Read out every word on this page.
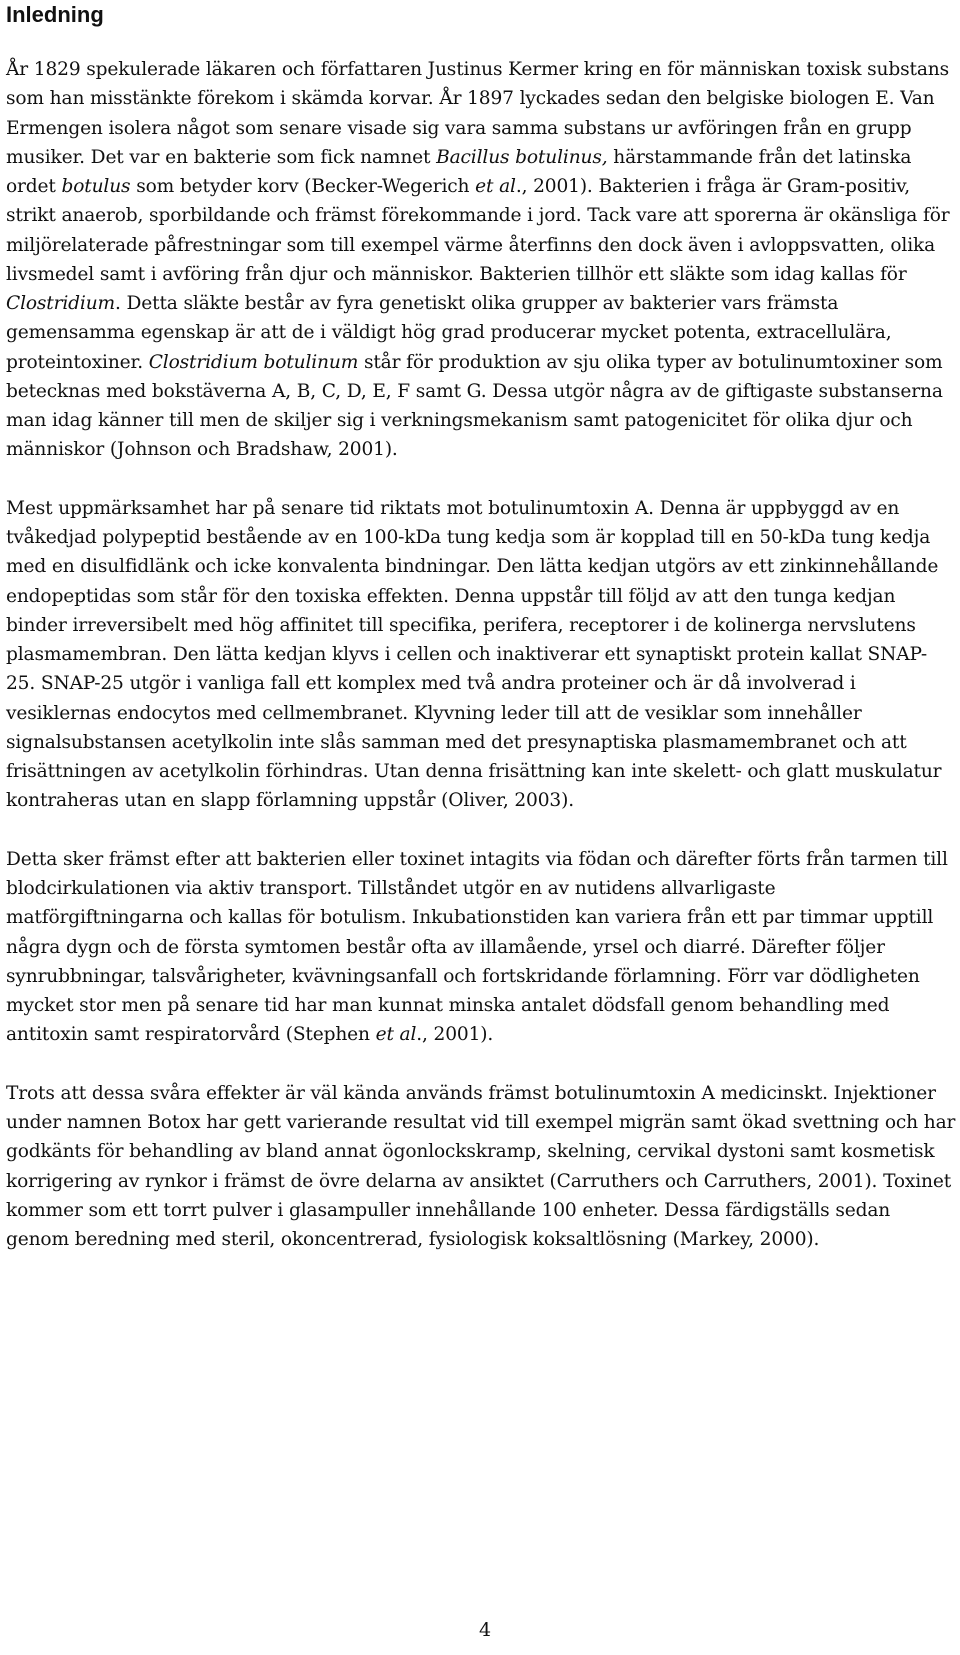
Inledning

År 1829 spekulerade läkaren och författaren Justinus Kermer kring en för människan toxisk substans som han misstänkte förekom i skämda korvar. År 1897 lyckades sedan den belgiske biologen E. Van Ermengen isolera något som senare visade sig vara samma substans ur avföringen från en grupp musiker. Det var en bakterie som fick namnet Bacillus botulinus, härstammande från det latinska ordet botulus som betyder korv (Becker-Wegerich et al., 2001). Bakterien i fråga är Gram-positiv, strikt anaerob, sporbildande och främst förekommande i jord. Tack vare att sporerna är okänsliga för miljörelaterade påfrestningar som till exempel värme återfinns den dock även i avloppsvatten, olika livsmedel samt i avföring från djur och människor. Bakterien tillhör ett släkte som idag kallas för Clostridium. Detta släkte består av fyra genetiskt olika grupper av bakterier vars främsta gemensamma egenskap är att de i väldigt hög grad producerar mycket potenta, extracellulära, proteintoxiner. Clostridium botulinum står för produktion av sju olika typer av botulinumtoxiner som betecknas med bokstäverna A, B, C, D, E, F samt G. Dessa utgör några av de giftigaste substanserna man idag känner till men de skiljer sig i verkningsmekanism samt patogenicitet för olika djur och människor (Johnson och Bradshaw, 2001).

Mest uppmärksamhet har på senare tid riktats mot botulinumtoxin A. Denna är uppbyggd av en tvåkedjad polypeptid bestående av en 100-kDa tung kedja som är kopplad till en 50-kDa tung kedja med en disulfidlänk och icke konvalenta bindningar. Den lätta kedjan utgörs av ett zinkinnehållande endopeptidas som står för den toxiska effekten. Denna uppstår till följd av att den tunga kedjan binder irreversibelt med hög affinitet till specifika, perifera, receptorer i de kolinerga nervslutens plasmamembran. Den lätta kedjan klyvs i cellen och inaktiverar ett synaptiskt protein kallat SNAP-25. SNAP-25 utgör i vanliga fall ett komplex med två andra proteiner och är då involverad i vesiklernas endocytos med cellmembranet. Klyvning leder till att de vesiklar som innehåller signalsubstansen acetylkolin inte slås samman med det presynaptiska plasmamembranet och att frisättningen av acetylkolin förhindras. Utan denna frisättning kan inte skelett- och glatt muskulatur kontraheras utan en slapp förlamning uppstår (Oliver, 2003).

Detta sker främst efter att bakterien eller toxinet intagits via födan och därefter förts från tarmen till blodcirkulationen via aktiv transport. Tillståndet utgör en av nutidens allvarligaste matförgiftningarna och kallas för botulism. Inkubationstiden kan variera från ett par timmar upptill några dygn och de första symtomen består ofta av illamående, yrsel och diarré. Därefter följer synrubbningar, talsvårigheter, kvävningsanfall och fortskridande förlamning. Förr var dödligheten mycket stor men på senare tid har man kunnat minska antalet dödsfall genom behandling med antitoxin samt respiratorvård (Stephen et al., 2001).

Trots att dessa svåra effekter är väl kända används främst botulinumtoxin A medicinskt. Injektioner under namnen Botox har gett varierande resultat vid till exempel migrän samt ökad svettning och har godkänts för behandling av bland annat ögonlockskramp, skelning, cervikal dystoni samt kosmetisk korrigering av rynkor i främst de övre delarna av ansiktet (Carruthers och Carruthers, 2001). Toxinet kommer som ett torrt pulver i glasampuller innehållande 100 enheter. Dessa färdigställs sedan genom beredning med steril, okoncentrerad, fysiologisk koksaltlösning (Markey, 2000).

4
